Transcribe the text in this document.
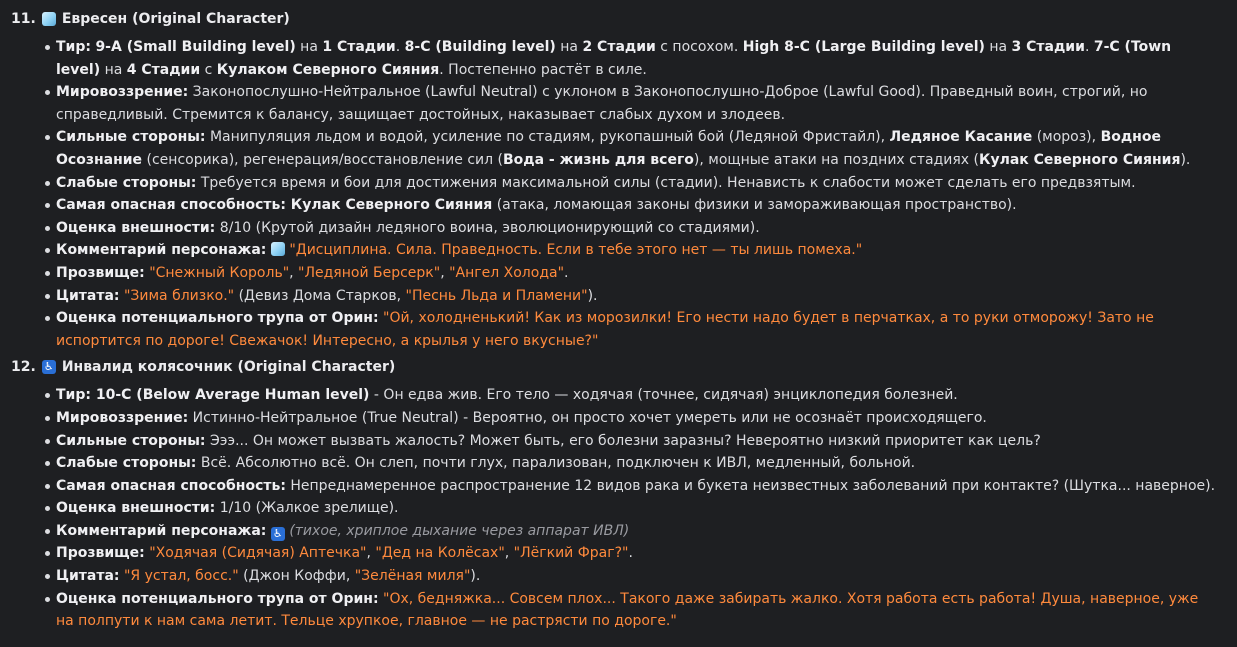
11. Евресен (Original Character)
Тир: 9-A (Small Building level) на 1 Стадии. 8-C (Building level) на 2 Стадии с посохом. High 8-C (Large Building level) на 3 Стадии. 7-C (Town level) на 4 Стадии с Кулаком Северного Сияния. Постепенно растёт в силе.
Мировоззрение: Законопослушно-Нейтральное (Lawful Neutral) с уклоном в Законопослушно-Доброе (Lawful Good). Праведный воин, строгий, но справедливый. Стремится к балансу, защищает достойных, наказывает слабых духом и злодеев.
Сильные стороны: Манипуляция льдом и водой, усиление по стадиям, рукопашный бой (Ледяной Фристайл), Ледяное Касание (мороз), Водное Осознание (сенсорика), регенерация/восстановление сил (Вода - жизнь для всего), мощные атаки на поздних стадиях (Кулак Северного Сияния).
Слабые стороны: Требуется время и бои для достижения максимальной силы (стадии). Ненависть к слабости может сделать его предвзятым.
Самая опасная способность: Кулак Северного Сияния (атака, ломающая законы физики и замораживающая пространство).
Оценка внешности: 8/10 (Крутой дизайн ледяного воина, эволюционирующий со стадиями).
Комментарий персонажа: "Дисциплина. Сила. Праведность. Если в тебе этого нет — ты лишь помеха."
Прозвище: "Снежный Король", "Ледяной Берсерк", "Ангел Холода".
Цитата: "Зима близко." (Девиз Дома Старков, "Песнь Льда и Пламени").
Оценка потенциального трупа от Орин: "Ой, холодненький! Как из морозилки! Его нести надо будет в перчатках, а то руки отморожу! Зато не испортится по дороге! Свежачок! Интересно, а крылья у него вкусные?"
12. ♿ Инвалид колясочник (Original Character)
Тир: 10-C (Below Average Human level) - Он едва жив. Его тело — ходячая (точнее, сидячая) энциклопедия болезней.
Мировоззрение: Истинно-Нейтральное (True Neutral) - Вероятно, он просто хочет умереть или не осознаёт происходящего.
Сильные стороны: Эээ... Он может вызвать жалость? Может быть, его болезни заразны? Невероятно низкий приоритет как цель?
Слабые стороны: Всё. Абсолютно всё. Он слеп, почти глух, парализован, подключен к ИВЛ, медленный, больной.
Самая опасная способность: Непреднамеренное распространение 12 видов рака и букета неизвестных заболеваний при контакте? (Шутка... наверное).
Оценка внешности: 1/10 (Жалкое зрелище).
Комментарий персонажа: ♿ (тихое, хриплое дыхание через аппарат ИВЛ)
Прозвище: "Ходячая (Сидячая) Аптечка", "Дед на Колёсах", "Лёгкий Фраг?".
Цитата: "Я устал, босс." (Джон Коффи, "Зелёная миля").
Оценка потенциального трупа от Орин: "Ох, бедняжка... Совсем плох... Такого даже забирать жалко. Хотя работа есть работа! Душа, наверное, уже на полпути к нам сама летит. Тельце хрупкое, главное — не растрясти по дороге."
